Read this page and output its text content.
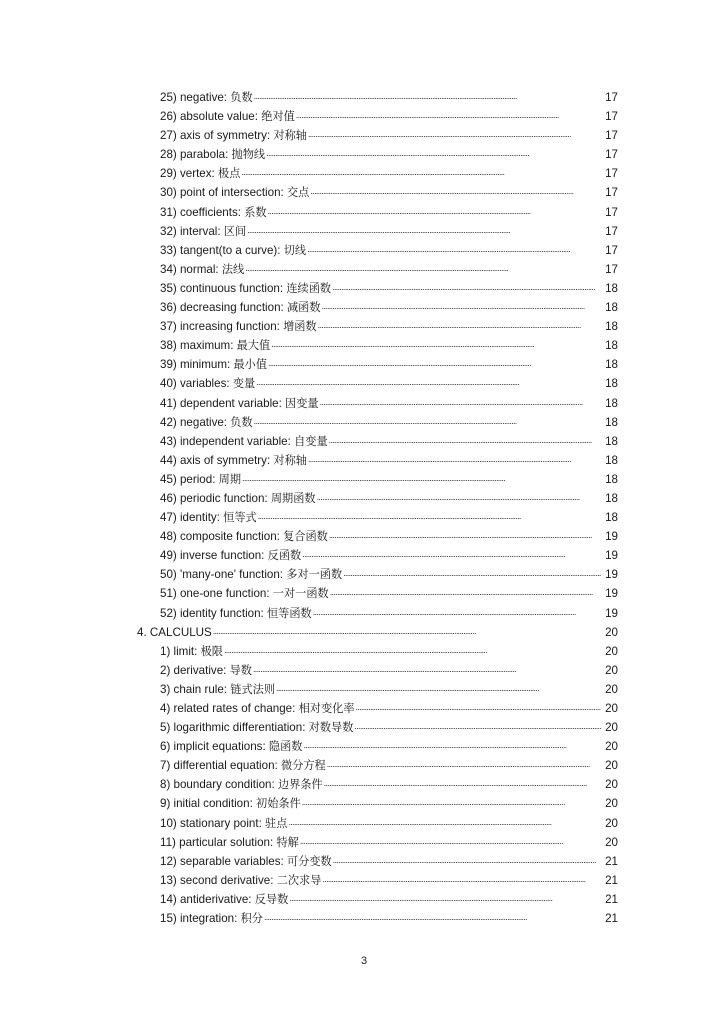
25) negative: 负数 . . .	17
26) absolute value: 绝对值 . . .	17
27) axis of symmetry: 对称轴 . . .	17
28) parabola: 抛物线 . . .	17
29) vertex: 极点 . . .	17
30) point of intersection: 交点 . . .	17
31) coefficients: 系数 . . .	17
32) interval: 区间 . . .	17
33) tangent(to a curve): 切线 . . .	17
34) normal: 法线 . . .	17
35) continuous function: 连续函数 . . .	18
36) decreasing function: 减函数 . . .	18
37) increasing function: 增函数 . . .	18
38) maximum: 最大值 . . .	18
39) minimum: 最小值 . . .	18
40) variables: 变量 . . .	18
41) dependent variable: 因变量 . . .	18
42) negative: 负数 . . .	18
43) independent variable: 自变量 . . .	18
44) axis of symmetry: 对称轴 . . .	18
45) period: 周期 . . .	18
46) periodic function: 周期函数 . . .	18
47) identity: 恒等式 . . .	18
48) composite function: 复合函数 . . .	19
49) inverse function: 反函数 . . .	19
50) 'many-one' function: 多对一函数 . . .	19
51) one-one function: 一对一函数 . . .	19
52) identity function: 恒等函数 . . .	19
4. CALCULUS . . .	20
1) limit: 极限 . . .	20
2) derivative: 导数 . . .	20
3) chain rule: 链式法则 . . .	20
4) related rates of change: 相对变化率 . . .	20
5) logarithmic differentiation: 对数导数 . . .	20
6) implicit equations: 隐函数 . . .	20
7) differential equation: 微分方程 . . .	20
8) boundary condition: 边界条件 . . .	20
9) initial condition: 初始条件 . . .	20
10) stationary point: 驻点 . . .	20
11) particular solution: 特解 . . .	20
12) separable variables: 可分变数 . . .	21
13) second derivative: 二次求导 . . .	21
14) antiderivative: 反导数 . . .	21
15) integration: 积分 . . .	21
3
